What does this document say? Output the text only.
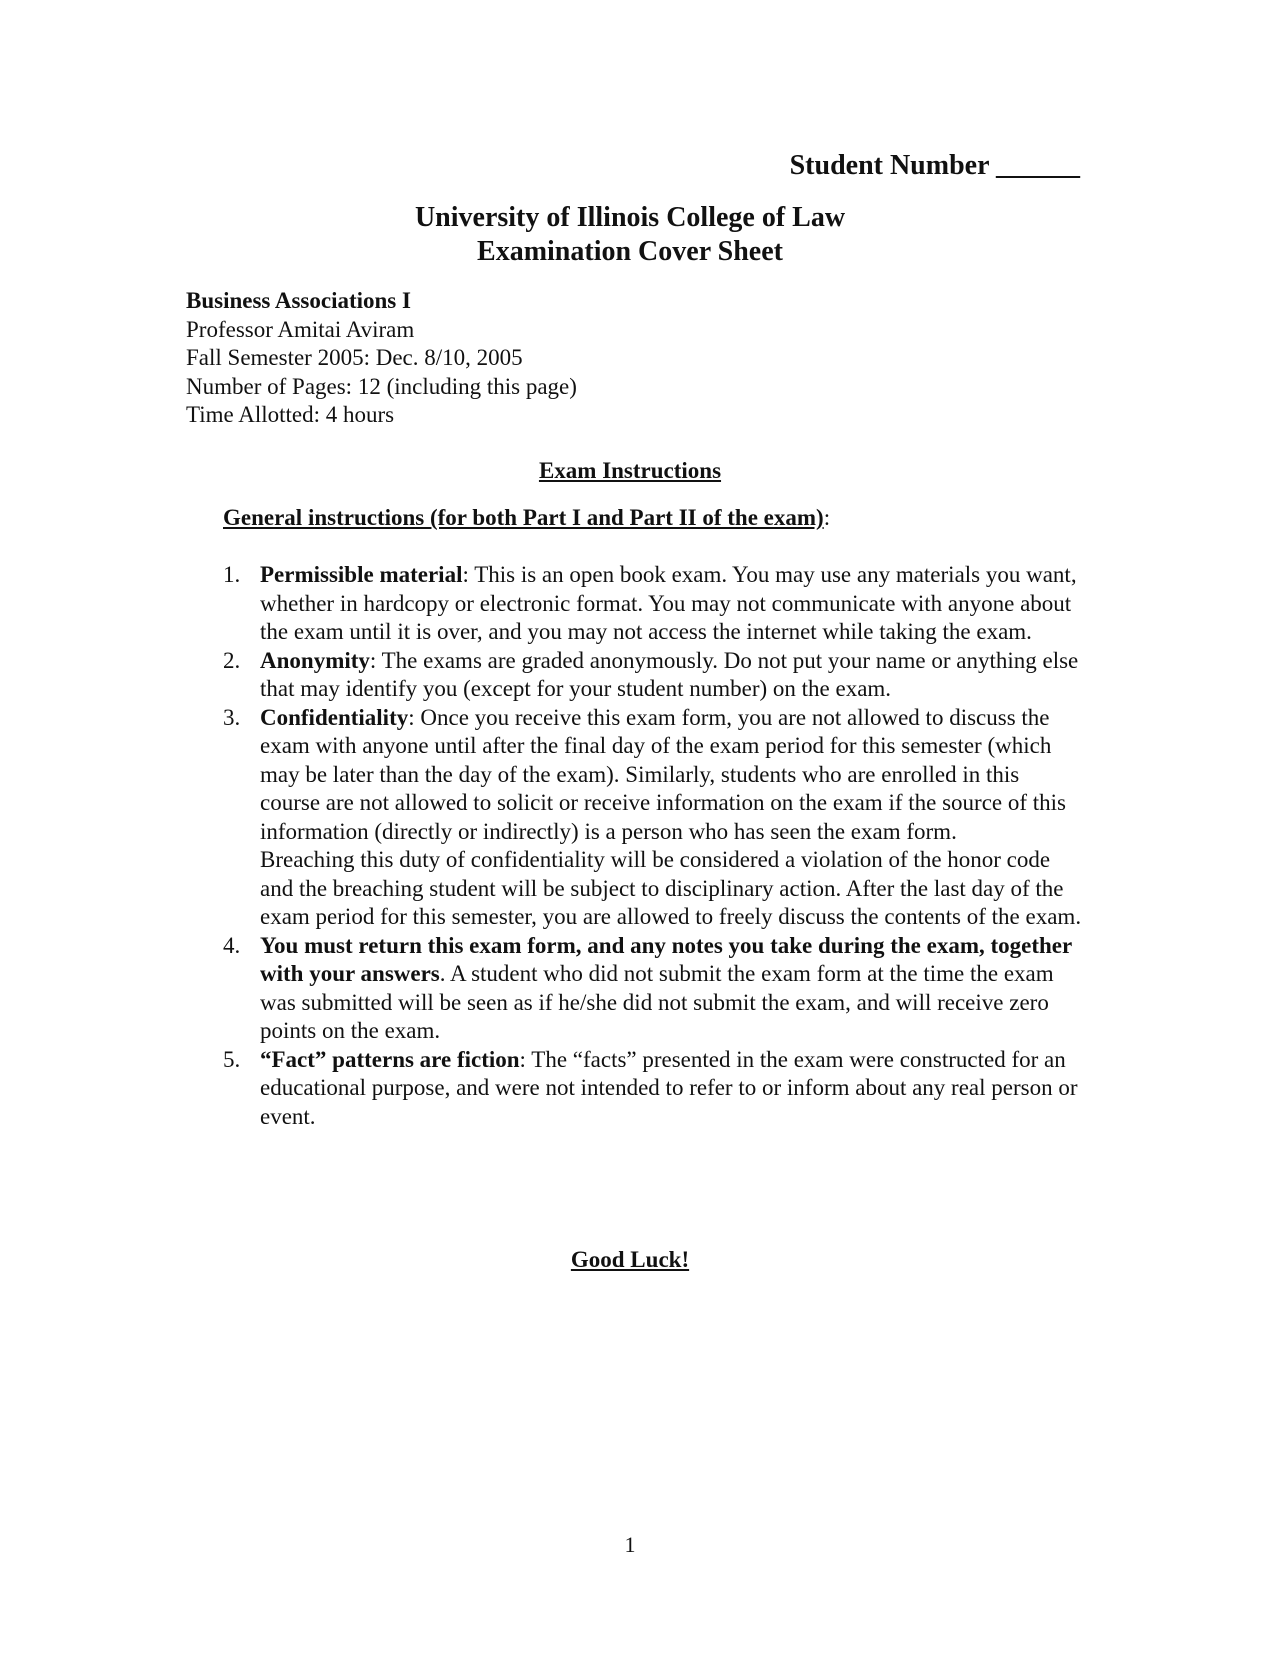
Student Number ______
University of Illinois College of Law
Examination Cover Sheet
Business Associations I
Professor Amitai Aviram
Fall Semester 2005: Dec. 8/10, 2005
Number of Pages: 12 (including this page)
Time Allotted: 4 hours
Exam Instructions
General instructions (for both Part I and Part II of the exam):
1. Permissible material: This is an open book exam. You may use any materials you want, whether in hardcopy or electronic format. You may not communicate with anyone about the exam until it is over, and you may not access the internet while taking the exam.
2. Anonymity: The exams are graded anonymously. Do not put your name or anything else that may identify you (except for your student number) on the exam.
3. Confidentiality: Once you receive this exam form, you are not allowed to discuss the exam with anyone until after the final day of the exam period for this semester (which may be later than the day of the exam). Similarly, students who are enrolled in this course are not allowed to solicit or receive information on the exam if the source of this information (directly or indirectly) is a person who has seen the exam form.
Breaching this duty of confidentiality will be considered a violation of the honor code and the breaching student will be subject to disciplinary action. After the last day of the exam period for this semester, you are allowed to freely discuss the contents of the exam.
4. You must return this exam form, and any notes you take during the exam, together with your answers. A student who did not submit the exam form at the time the exam was submitted will be seen as if he/she did not submit the exam, and will receive zero points on the exam.
5. “Fact” patterns are fiction: The “facts” presented in the exam were constructed for an educational purpose, and were not intended to refer to or inform about any real person or event.
Good Luck!
1
